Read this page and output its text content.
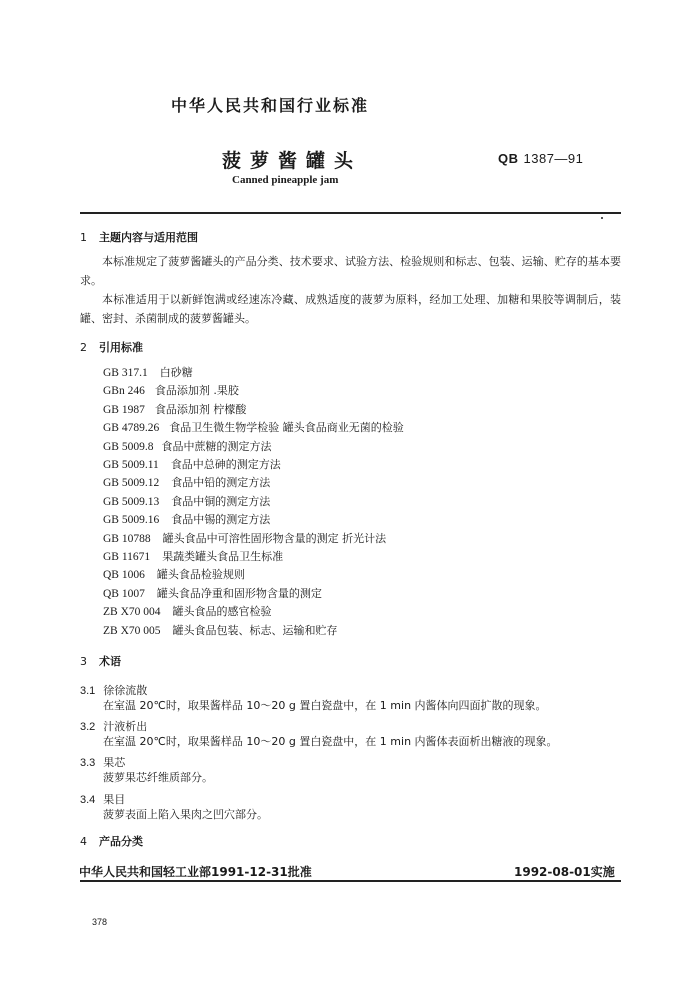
中华人民共和国行业标准
菠萝酱罐头	QB 1387—91
Canned pineapple jam
1 主题内容与适用范围

本标准规定了菠萝酱罐头的产品分类、技术要求、试验方法、检验规则和标志、包装、运输、贮存的基本要求。

本标准适用于以新鲜饱满或经速冻冷藏、成熟适度的菠萝为原料，经加工处理、加糖和果胶等调制后，装罐、密封、杀菌制成的菠萝酱罐头。

2 引用标准
GB 317.1 白砂糖
GBn 246 食品添加剂 .果胶
GB 1987 食品添加剂 柠檬酸
GB 4789.26 食品卫生微生物学检验 罐头食品商业无菌的检验
GB 5009.8 食品中蔗糖的测定方法
GB 5009.11 食品中总砷的测定方法
GB 5009.12 食品中铅的测定方法
GB 5009.13 食品中铜的测定方法
GB 5009.16 食品中锡的测定方法
GB 10788 罐头食品中可溶性固形物含量的测定 折光计法
GB 11671 果蔬类罐头食品卫生标准
QB 1006 罐头食品检验规则
QB 1007 罐头食品净重和固形物含量的测定
ZB X70 004 罐头食品的感官检验
ZB X70 005 罐头食品包装、标志、运输和贮存
3 术语
3.1 徐徐流散
在室温 20℃时，取果酱样品 10～20 g 置白瓷盘中，在 1 min 内酱体向四面扩散的现象。
3.2 汁液析出
在室温 20℃时，取果酱样品 10～20 g 置白瓷盘中，在 1 min 内酱体表面析出糖液的现象。
3.3 果芯
菠萝果芯纤维质部分。
3.4 果目
菠萝表面上陷入果肉之凹穴部分。
4 产品分类
中华人民共和国轻工业部1991-12-31批准	1992-08-01实施
378
